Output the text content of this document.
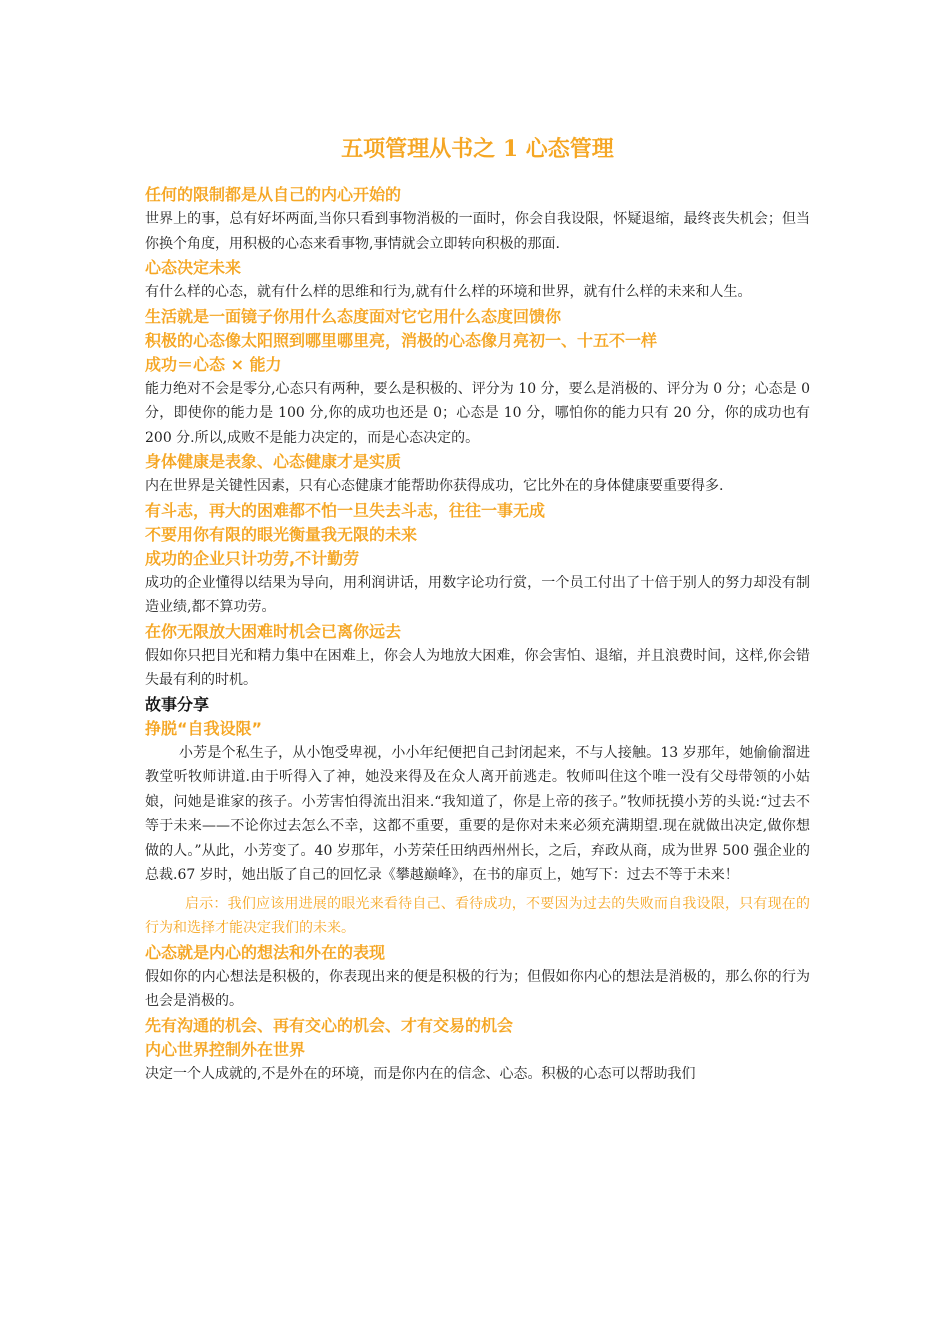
五项管理从书之 1 心态管理
任何的限制都是从自己的内心开始的

世界上的事，总有好坏两面,当你只看到事物消极的一面时，你会自我设限，怀疑退缩，最终丧失机会；但当你换个角度，用积极的心态来看事物,事情就会立即转向积极的那面.

心态决定未来

有什么样的心态，就有什么样的思维和行为,就有什么样的环境和世界，就有什么样的未来和人生。

生活就是一面镜子你用什么态度面对它它用什么态度回馈你
积极的心态像太阳照到哪里哪里亮，消极的心态像月亮初一、十五不一样
成功＝心态 × 能力

能力绝对不会是零分,心态只有两种，要么是积极的、评分为 10 分，要么是消极的、评分为 0 分；心态是 0 分，即使你的能力是 100 分,你的成功也还是 0；心态是 10 分，哪怕你的能力只有 20 分，你的成功也有 200 分.所以,成败不是能力决定的，而是心态决定的。

身体健康是表象、心态健康才是实质

内在世界是关键性因素，只有心态健康才能帮助你获得成功，它比外在的身体健康要重要得多.

有斗志，再大的困难都不怕一旦失去斗志，往往一事无成
不要用你有限的眼光衡量我无限的未来
成功的企业只计功劳,不计勤劳

成功的企业懂得以结果为导向，用利润讲话，用数字论功行赏，一个员工付出了十倍于别人的努力却没有制造业绩,都不算功劳。

在你无限放大困难时机会已离你远去

假如你只把目光和精力集中在困难上，你会人为地放大困难，你会害怕、退缩，并且浪费时间，这样,你会错失最有利的时机。

故事分享
挣脱“自我设限”

小芳是个私生子，从小饱受卑视，小小年纪便把自己封闭起来，不与人接触。13 岁那年，她偷偷溜进教堂听牧师讲道.由于听得入了神，她没来得及在众人离开前逃走。牧师叫住这个唯一没有父母带领的小姑娘，问她是谁家的孩子。小芳害怕得流出泪来.“我知道了，你是上帝的孩子。”牧师抚摸小芳的头说:“过去不等于未来——不论你过去怎么不幸，这都不重要，重要的是你对未来必须充满期望.现在就做出决定,做你想做的人。”从此，小芳变了。40 岁那年，小芳荣任田纳西州州长，之后，弃政从商，成为世界 500 强企业的总裁.67 岁时，她出版了自己的回忆录《攀越巅峰》，在书的扉页上，她写下：过去不等于未来！

启示：我们应该用进展的眼光来看待自己、看待成功，不要因为过去的失败而自我设限，只有现在的行为和选择才能决定我们的未来。

心态就是内心的想法和外在的表现

假如你的内心想法是积极的，你表现出来的便是积极的行为；但假如你内心的想法是消极的，那么你的行为也会是消极的。

先有沟通的机会、再有交心的机会、才有交易的机会
内心世界控制外在世界

决定一个人成就的,不是外在的环境，而是你内在的信念、心态。积极的心态可以帮助我们
